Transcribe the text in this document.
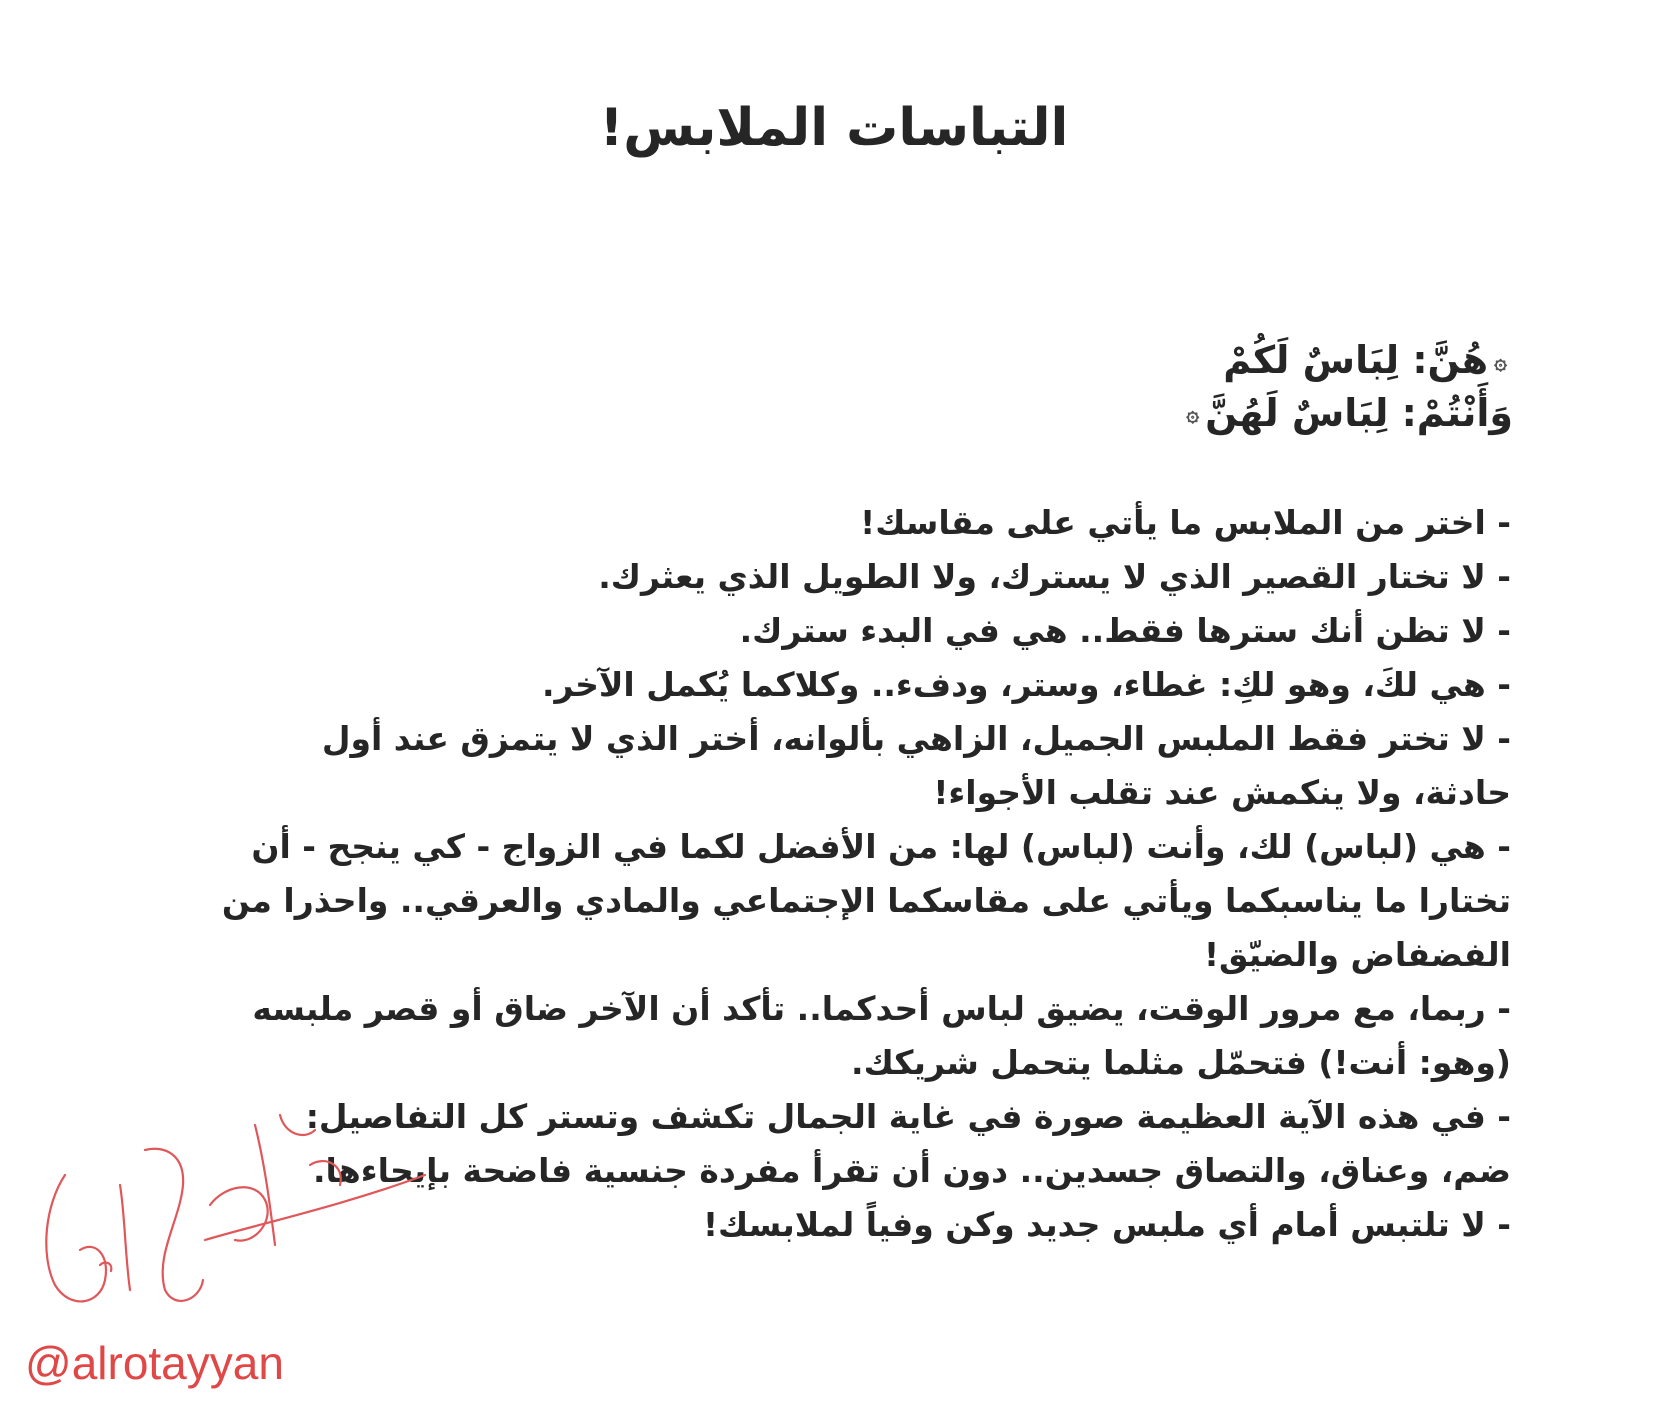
التباسات الملابس!
۞هُنَّ: لِبَاسٌ لَكُمْ
وَأَنْتُمْ: لِبَاسٌ لَهُنَّ۞

- اختر من الملابس ما يأتي على مقاسك!

- لا تختار القصير الذي لا يسترك، ولا الطويل الذي يعثرك.

- لا تظن أنك سترها فقط.. هي في البدء سترك.

- هي لكَ، وهو لكِ: غطاء، وستر، ودفء.. وكلاكما يُكمل الآخر.

- لا تختر فقط الملبس الجميل، الزاهي بألوانه، أختر الذي لا يتمزق عند أول حادثة، ولا ينكمش عند تقلب الأجواء!

- هي (لباس) لك، وأنت (لباس) لها: من الأفضل لكما في الزواج - كي ينجح - أن تختارا ما يناسبكما ويأتي على مقاسكما الإجتماعي والمادي والعرقي.. واحذرا من الفضفاض والضيّق!

- ربما، مع مرور الوقت، يضيق لباس أحدكما.. تأكد أن الآخر ضاق أو قصر ملبسه (وهو: أنت!) فتحمّل مثلما يتحمل شريكك.

- في هذه الآية العظيمة صورة في غاية الجمال تكشف وتستر كل التفاصيل:

ضم، وعناق، والتصاق جسدين.. دون أن تقرأ مفردة جنسية فاضحة بإيحاءها.

- لا تلتبس أمام أي ملبس جديد وكن وفياً لملابسك!

@alrotayyan
